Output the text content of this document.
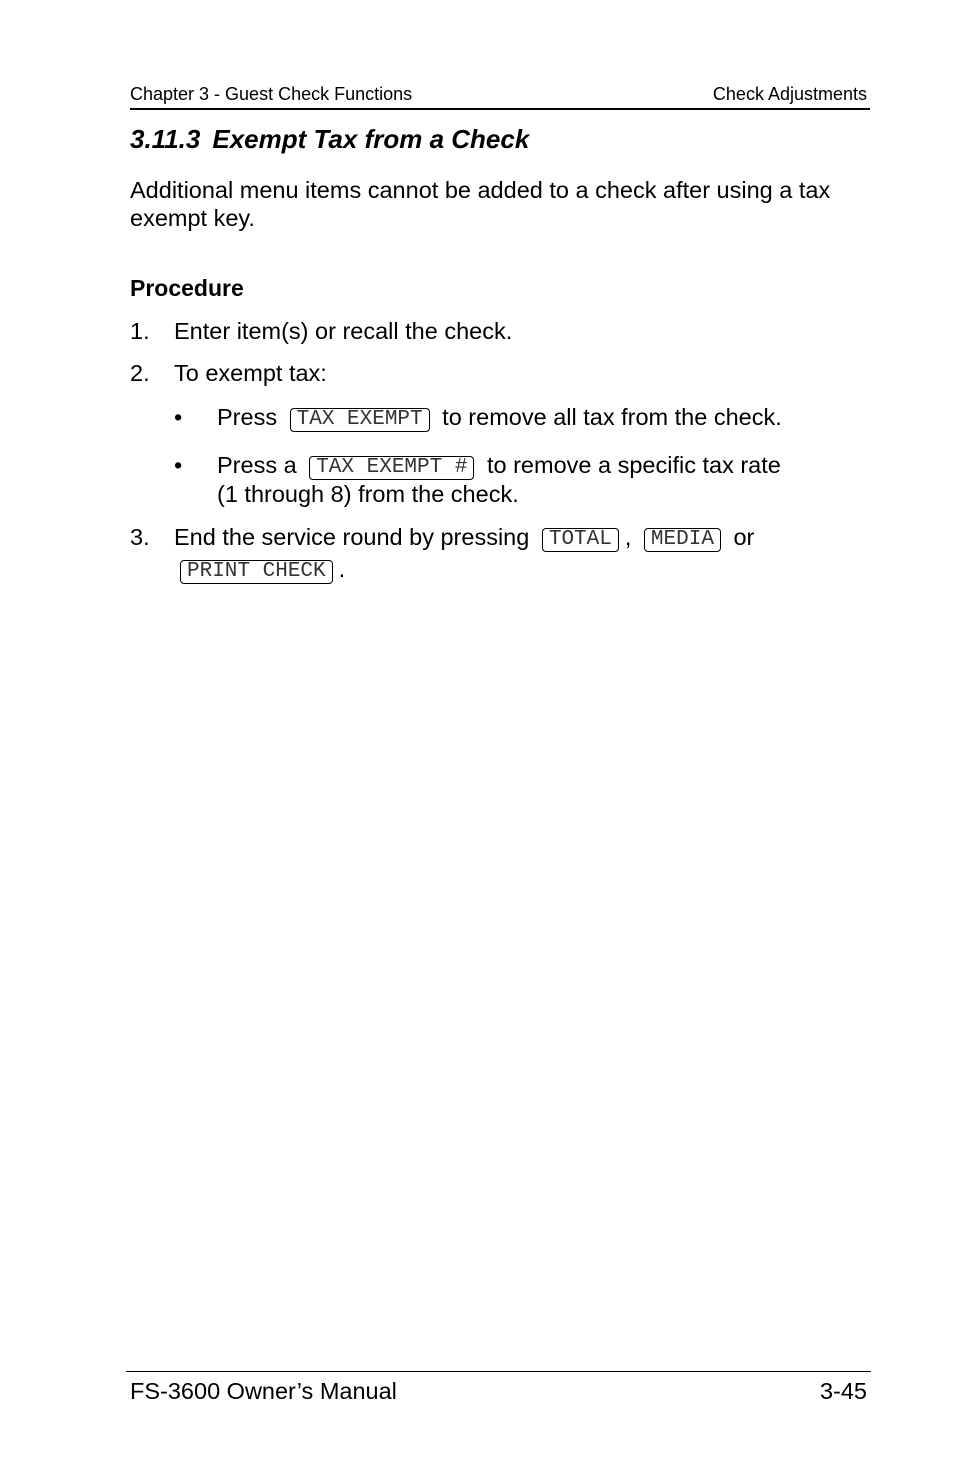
Chapter 3 - Guest Check Functions	Check Adjustments
3.11.3 Exempt Tax from a Check
Additional menu items cannot be added to a check after using a tax exempt key.
Procedure
1. Enter item(s) or recall the check.
2. To exempt tax:
• Press TAX EXEMPT to remove all tax from the check.
• Press a TAX EXEMPT # to remove a specific tax rate
(1 through 8) from the check.
3. End the service round by pressing TOTAL , MEDIA or
PRINT CHECK .
FS-3600 Owner’s Manual	3-45
